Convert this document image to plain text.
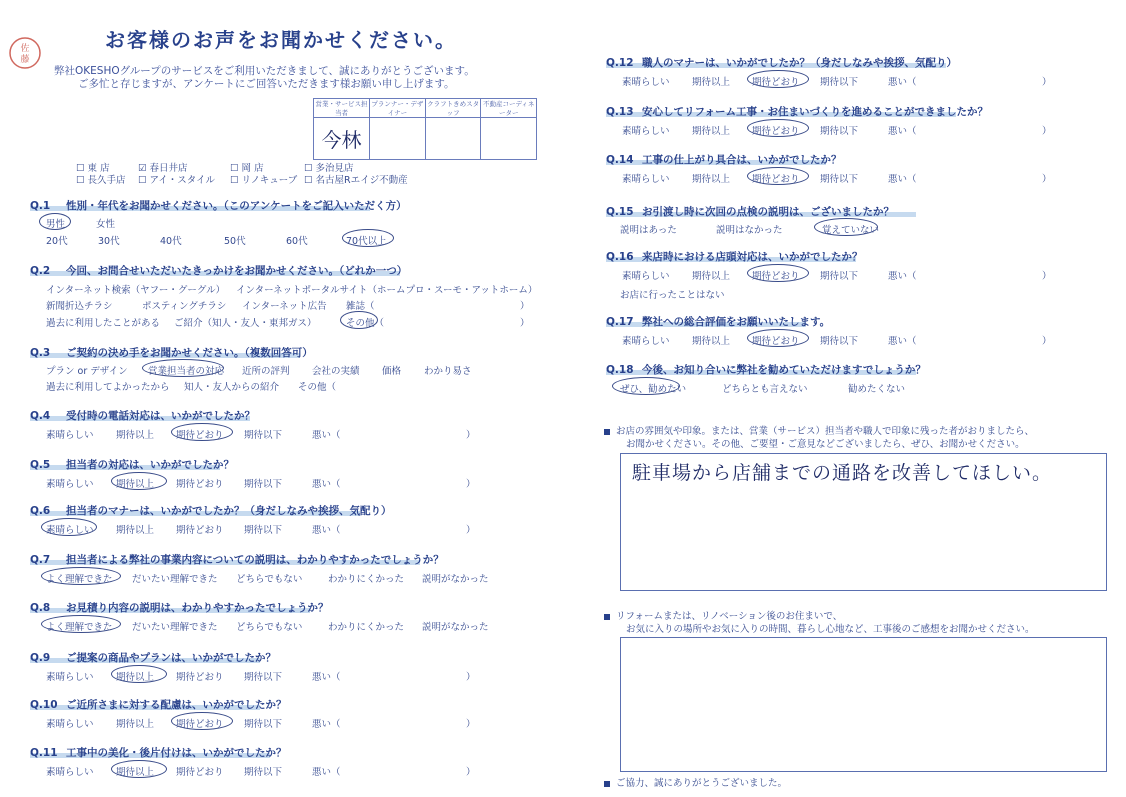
佐
藤
お客様のお声をお聞かせください。
弊社OKESHOグループのサービスをご利用いただきまして、誠にありがとうございます。
ご多忙と存じますが、アンケートにご回答いただきます様お願い申し上げます。
営業・サービス担当者	プランナー・デザイナー	クラフトきめスタッフ	不動産コーディネーター
今林			
☐ 東 店	☑ 春日井店	☐ 岡 店	☐ 多治見店
☐ 長久手店 ☐ アイ・スタイル ☐ リノキューブ ☐ 名古屋Rエイジ不動産
Q.1 性別・年代をお聞かせください。（このアンケートをご記入いただく方）
男性	女性
20代	30代	40代	50代	60代	70代以上
Q.2 今回、お問合せいただいたきっかけをお聞かせください。（どれか一つ）
インターネット検索（ヤフー・グーグル） インターネットポータルサイト（ホームプロ・スーモ・アットホーム）
新聞折込チラシ	ポスティングチラシ インターネット広告 雑誌（	）
過去に利用したことがある ご紹介（知人・友人・東邦ガス）	その他（	）
Q.3 ご契約の決め手をお聞かせください。（複数回答可）
プラン or デザイン 営業担当者の対応 近所の評判 会社の実績 価格 わかり易さ
過去に利用してよかったから 知人・友人からの紹介 その他（
Q.4 受付時の電話対応は、いかがでしたか？
素晴らしい 期待以上 期待どおり 期待以下	悪い（	）
Q.5 担当者の対応は、いかがでしたか？
素晴らしい 期待以上 期待どおり 期待以下	悪い（	）
Q.6 担当者のマナーは、いかがでしたか？（身だしなみや挨拶、気配り）
素晴らしい 期待以上 期待どおり 期待以下	悪い（	）
Q.7 担当者による弊社の事業内容についての説明は、わかりやすかったでしょうか？
よく理解できた だいたい理解できた どちらでもない	わかりにくかった 説明がなかった
Q.8 お見積り内容の説明は、わかりやすかったでしょうか？
よく理解できた だいたい理解できた どちらでもない	わかりにくかった 説明がなかった
Q.9 ご提案の商品やプランは、いかがでしたか？
素晴らしい 期待以上 期待どおり 期待以下	悪い（	）
Q.10 ご近所さまに対する配慮は、いかがでしたか？
素晴らしい 期待以上 期待どおり 期待以下	悪い（	）
Q.11 工事中の美化・後片付けは、いかがでしたか？
素晴らしい 期待以上 期待どおり 期待以下	悪い（	）
Q.12 職人のマナーは、いかがでしたか？（身だしなみや挨拶、気配り）
素晴らしい 期待以上 期待どおり 期待以下	悪い（	）
Q.13 安心してリフォーム工事・お住まいづくりを進めることができましたか？
素晴らしい 期待以上 期待どおり 期待以下	悪い（	）
Q.14 工事の仕上がり具合は、いかがでしたか？
素晴らしい 期待以上 期待どおり 期待以下	悪い（	）
Q.16 来店時における店頭対応は、いかがでしたか？
素晴らしい 期待以上 期待どおり 期待以下	悪い（	）
Q.17 弊社への総合評価をお願いいたします。
素晴らしい 期待以上 期待どおり 期待以下	悪い（	）
Q.15 お引渡し時に次回の点検の説明は、ございましたか？
説明はあった	説明はなかった	覚えていない
お店に行ったことはない
Q.18 今後、お知り合いに弊社を勧めていただけますでしょうか？
ぜひ、勧めたい	どちらとも言えない	勧めたくない
お店の雰囲気や印象。または、営業（サービス）担当者や職人で印象に残った者がおりましたら、
お聞かせください。その他、ご要望・ご意見などございましたら、ぜひ、お聞かせください。
駐車場から店舗までの通路を改善してほしい。
リフォームまたは、リノベーション後のお住まいで、
お気に入りの場所やお気に入りの時間、暮らし心地など、工事後のご感想をお聞かせください。
ご協力、誠にありがとうございました。
